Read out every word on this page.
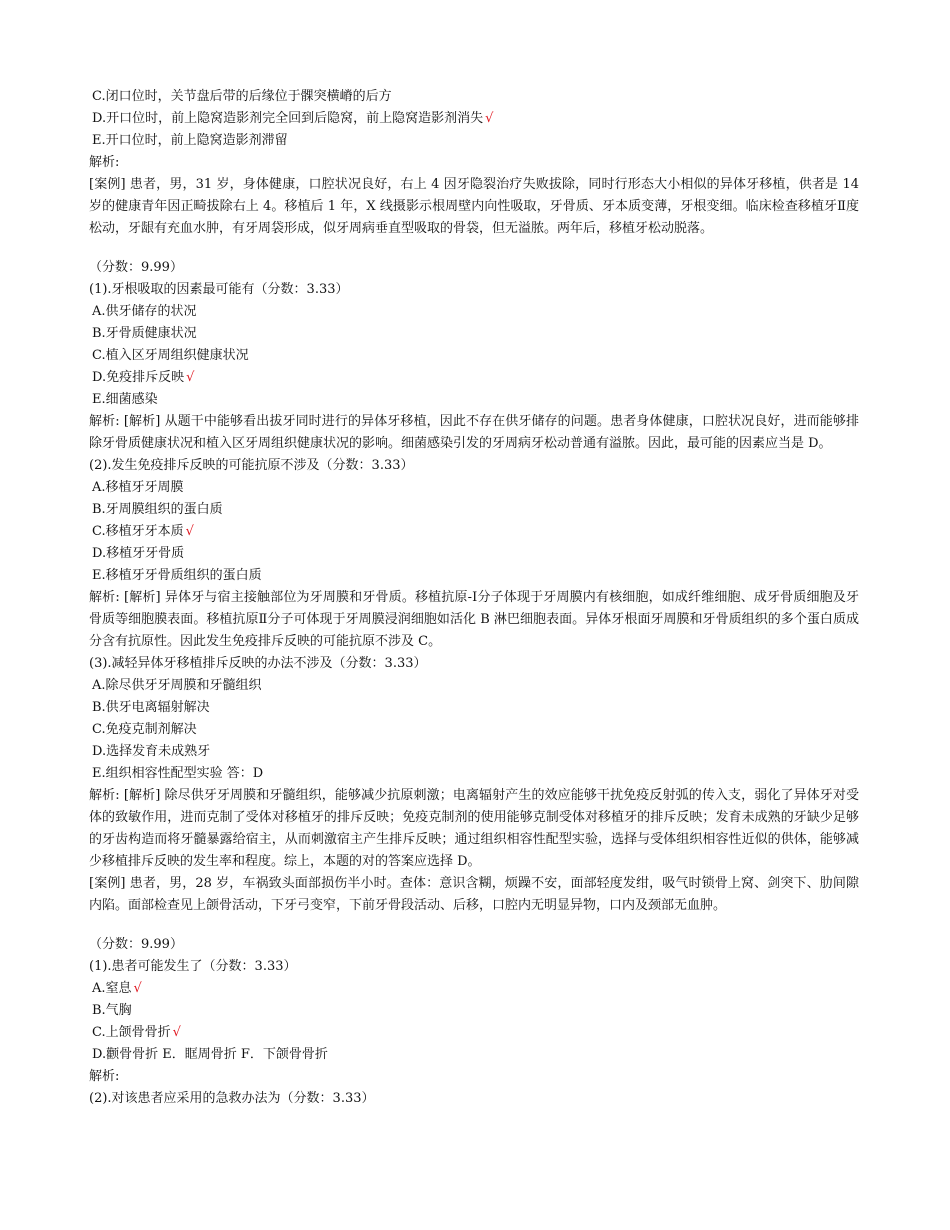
C.闭口位时，关节盘后带的后缘位于髁突横嵴的后方
D.开口位时，前上隐窝造影剂完全回到后隐窝，前上隐窝造影剂消失 √
E.开口位时，前上隐窝造影剂滞留
解析:
[案例] 患者，男，31 岁，身体健康，口腔状况良好，右上 4 因牙隐裂治疗失败拔除，同时行形态大小相似的异体牙移植，供者是 14 岁的健康青年因正畸拔除右上 4。移植后 1 年，X 线摄影示根周壁内向性吸取，牙骨质、牙本质变薄，牙根变细。临床检查移植牙Ⅱ度松动，牙龈有充血水肿，有牙周袋形成，似牙周病垂直型吸取的骨袋，但无溢脓。两年后，移植牙松动脱落。
（分数：9.99）
(1).牙根吸取的因素最可能有（分数：3.33）
A.供牙储存的状况
B.牙骨质健康状况
C.植入区牙周组织健康状况
D.免疫排斥反映 √
E.细菌感染
解析: [解析] 从题干中能够看出拔牙同时进行的异体牙移植，因此不存在供牙储存的问题。患者身体健康，口腔状况良好，进而能够排除牙骨质健康状况和植入区牙周组织健康状况的影响。细菌感染引发的牙周病牙松动普通有溢脓。因此，最可能的因素应当是 D。
(2).发生免疫排斥反映的可能抗原不涉及（分数：3.33）
A.移植牙牙周膜
B.牙周膜组织的蛋白质
C.移植牙牙本质 √
D.移植牙牙骨质
E.移植牙牙骨质组织的蛋白质
解析: [解析] 异体牙与宿主接触部位为牙周膜和牙骨质。移植抗原-Ⅰ分子体现于牙周膜内有核细胞，如成纤维细胞、成牙骨质细胞及牙骨质等细胞膜表面。移植抗原Ⅱ分子可体现于牙周膜浸润细胞如活化 B 淋巴细胞表面。异体牙根面牙周膜和牙骨质组织的多个蛋白质成分含有抗原性。因此发生免疫排斥反映的可能抗原不涉及 C。
(3).减轻异体牙移植排斥反映的办法不涉及（分数：3.33）
A.除尽供牙牙周膜和牙髓组织
B.供牙电离辐射解决
C.免疫克制剂解决
D.选择发育未成熟牙
E.组织相容性配型实验 答：D
解析: [解析] 除尽供牙牙周膜和牙髓组织，能够减少抗原刺激；电离辐射产生的效应能够干扰免疫反射弧的传入支，弱化了异体牙对受体的致敏作用，进而克制了受体对移植牙的排斥反映；免疫克制剂的使用能够克制受体对移植牙的排斥反映；发育未成熟的牙缺少足够的牙齿构造而将牙髓暴露给宿主，从而刺激宿主产生排斥反映；通过组织相容性配型实验，选择与受体组织相容性近似的供体，能够减少移植排斥反映的发生率和程度。综上，本题的对的答案应选择 D。
[案例] 患者，男，28 岁，车祸致头面部损伤半小时。查体：意识含糊，烦躁不安，面部轻度发绀，吸气时锁骨上窝、剑突下、肋间隙内陷。面部检查见上颌骨活动，下牙弓变窄，下前牙骨段活动、后移，口腔内无明显异物，口内及颈部无血肿。
（分数：9.99）
(1).患者可能发生了（分数：3.33）
A.窒息 √
B.气胸
C.上颌骨骨折 √
D.颧骨骨折 E．眶周骨折 F．下颌骨骨折
解析:
(2).对该患者应采用的急救办法为（分数：3.33）
